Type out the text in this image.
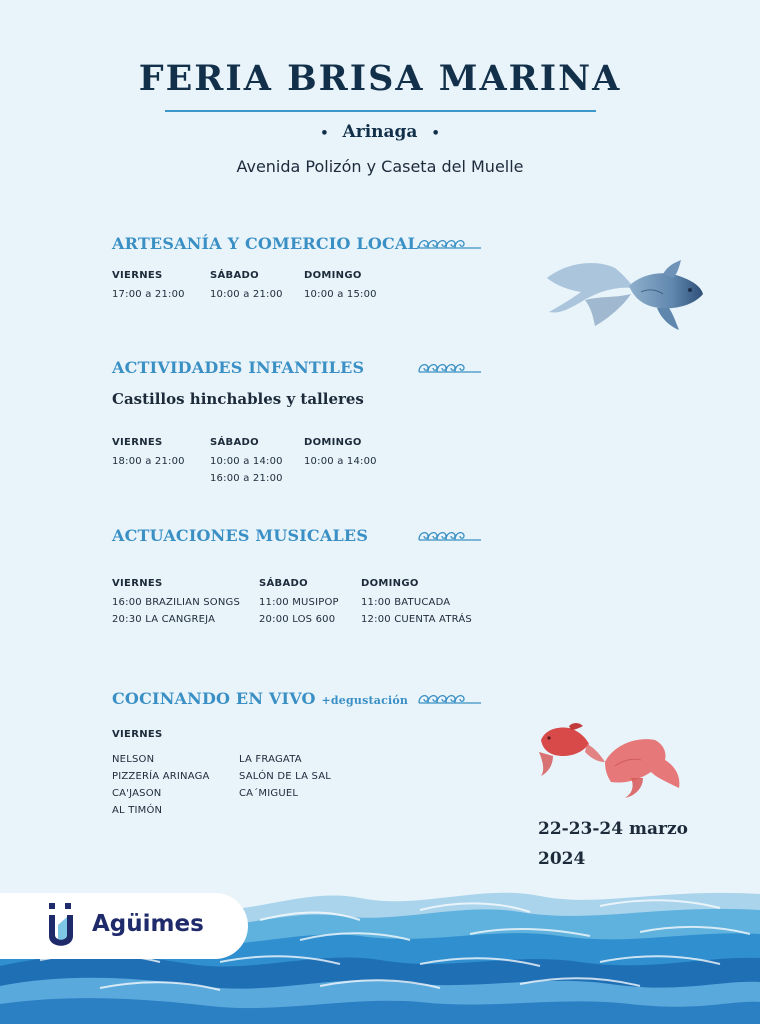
FERIA BRISA MARINA
• Arinaga •
Avenida Polizón y Caseta del Muelle
ARTESANÍA Y COMERCIO LOCAL
VIERNES
17:00 a 21:00
SÁBADO
10:00 a 21:00
DOMINGO
10:00 a 15:00
ACTIVIDADES INFANTILES
Castillos hinchables y talleres
VIERNES
18:00 a 21:00
SÁBADO
10:00 a 14:00
16:00 a 21:00
DOMINGO
10:00 a 14:00
ACTUACIONES MUSICALES
VIERNES
16:00 BRAZILIAN SONGS
20:30 LA CANGREJA
SÁBADO
11:00 MUSIPOP
20:00 LOS 600
DOMINGO
11:00 BATUCADA
12:00 CUENTA ATRÁS
COCINANDO EN VIVO +degustación
VIERNES
NELSON
PIZZERÍA ARINAGA
CA'JASON
AL TIMÓN
LA FRAGATA
SALÓN DE LA SAL
CA´MIGUEL
22-23-24 marzo
2024
Agüimes
